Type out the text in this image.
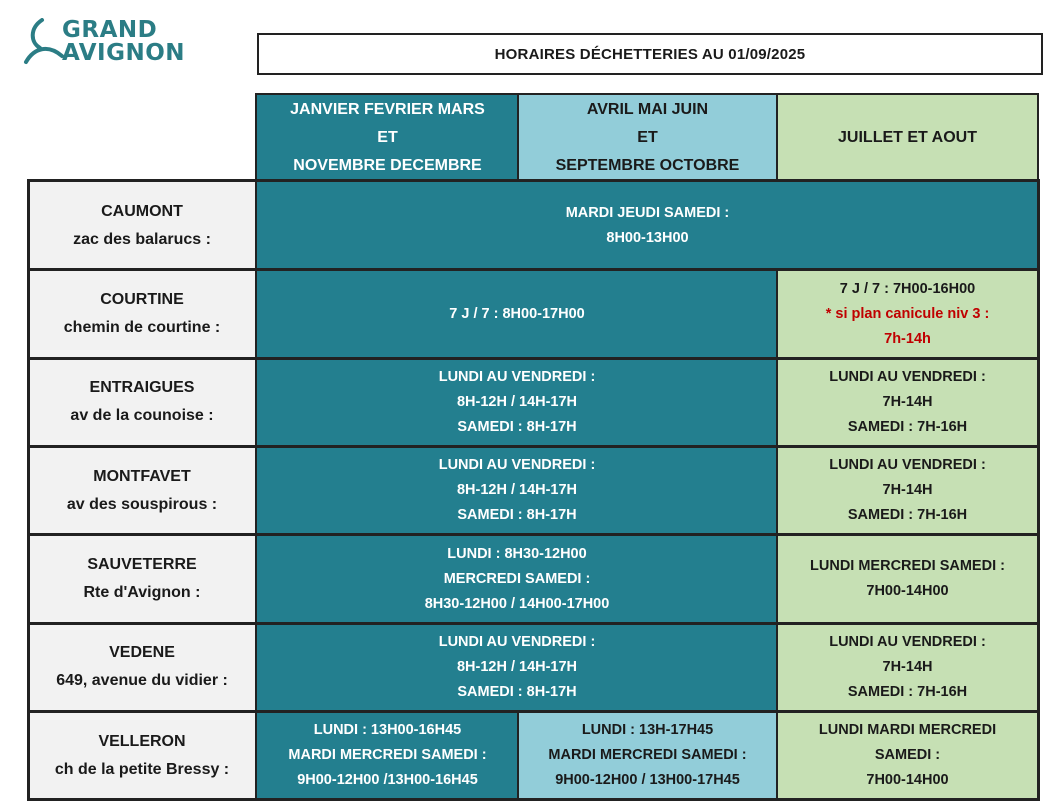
GRAND
AVIGNON	HORAIRES DÉCHETTERIES AU 01/09/2025
JANVIER FEVRIER MARS
ET
NOVEMBRE DECEMBRE
AVRIL MAI JUIN
ET
SEPTEMBRE OCTOBRE
JUILLET ET AOUT
CAUMONT
zac des balarucs :
COURTINE
chemin de courtine :
ENTRAIGUES
av de la counoise :
MONTFAVET
av des souspirous :
SAUVETERRE
Rte d'Avignon :
VEDENE
649, avenue du vidier :
VELLERON
ch de la petite Bressy :
MARDI JEUDI SAMEDI :
8H00-13H00
7 J / 7 : 8H00-17H00
7 J / 7 : 7H00-16H00
* si plan canicule niv 3 :
7h-14h
LUNDI AU VENDREDI :
8H-12H / 14H-17H
SAMEDI : 8H-17H
LUNDI AU VENDREDI :
7H-14H
SAMEDI : 7H-16H
LUNDI AU VENDREDI :
8H-12H / 14H-17H
SAMEDI : 8H-17H
LUNDI AU VENDREDI :
7H-14H
SAMEDI : 7H-16H
LUNDI : 8H30-12H00
MERCREDI SAMEDI :
8H30-12H00 / 14H00-17H00
LUNDI MERCREDI SAMEDI :
7H00-14H00
LUNDI AU VENDREDI :
8H-12H / 14H-17H
SAMEDI : 8H-17H
LUNDI AU VENDREDI :
7H-14H
SAMEDI : 7H-16H
LUNDI : 13H00-16H45
MARDI MERCREDI SAMEDI :
9H00-12H00 /13H00-16H45
LUNDI : 13H-17H45
MARDI MERCREDI SAMEDI :
9H00-12H00 / 13H00-17H45
LUNDI MARDI MERCREDI
SAMEDI :
7H00-14H00
